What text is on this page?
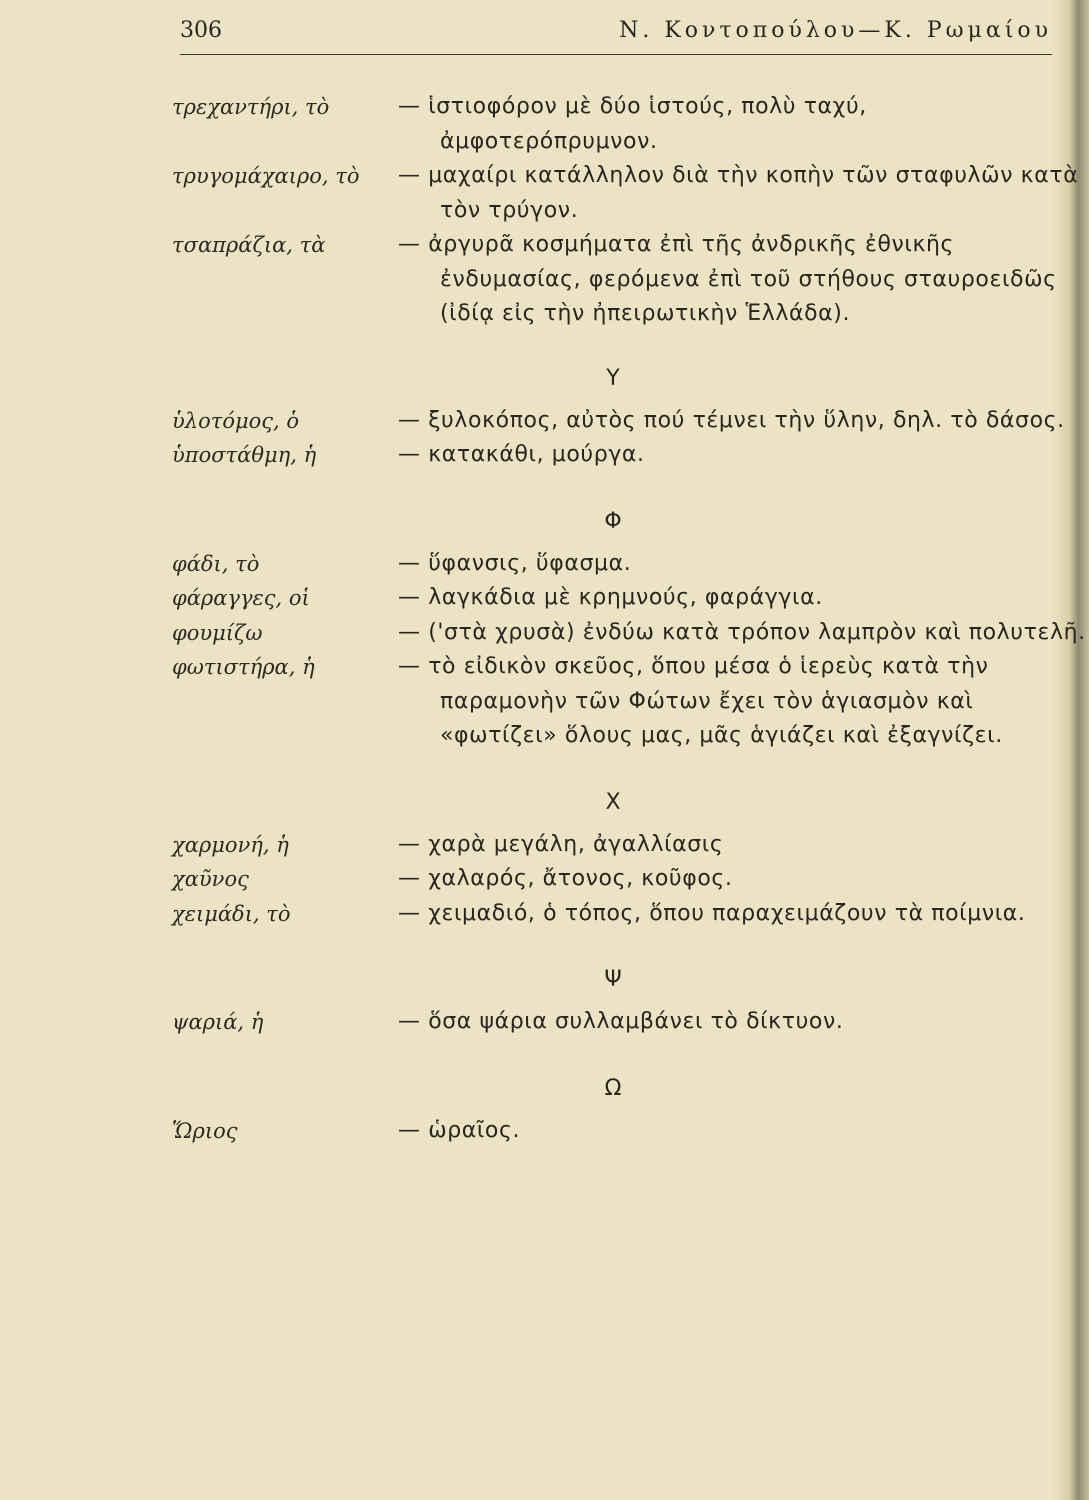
306	Ν. Κοντοπούλου—Κ. Ρωμαίου
τρεχαντήρι, τὸ	— ἱστιοφόρον μὲ δύο ἱστούς, πολὺ ταχύ, ἀμφοτερόπρυμνον.
τρυγομάχαιρο, τὸ	— μαχαίρι κατάλληλον διὰ τὴν κοπὴν τῶν σταφυλῶν κατὰ τὸν τρύγον.
τσαπράζια, τὰ	— ἀργυρᾶ κοσμήματα ἐπὶ τῆς ἀνδρικῆς ἐθνικῆς ἐνδυμασίας, φερόμενα ἐπὶ τοῦ στήθους σταυροειδῶς (ἰδίᾳ εἰς τὴν ἠπειρωτικὴν Ἑλλάδα).
Υ
ὑλοτόμος, ὁ	— ξυλοκόπος, αὐτὸς πού τέμνει τὴν ὕλην, δηλ. τὸ δάσος.
ὑποστάθμη, ἡ	— κατακάθι, μούργα.
Φ
φάδι, τὸ	— ὕφανσις, ὕφασμα.
φάραγγες, οἱ	— λαγκάδια μὲ κρημνούς, φαράγγια.
φουμίζω	— ('στὰ χρυσὰ) ἐνδύω κατὰ τρόπον λαμπρὸν καὶ πολυτελῆ.
φωτιστήρα, ἡ	— τὸ εἰδικὸν σκεῦος, ὅπου μέσα ὁ ἱερεὺς κατὰ τὴν παραμονὴν τῶν Φώτων ἔχει τὸν ἁγιασμὸν καὶ «φωτίζει» ὅλους μας, μᾶς ἁγιάζει καὶ ἐξαγνίζει.
Χ
χαρμονή, ἡ	— χαρὰ μεγάλη, ἀγαλλίασις
χαῦνος	— χαλαρός, ἄτονος, κοῦφος.
χειμάδι, τὸ	— χειμαδιό, ὁ τόπος, ὅπου παραχειμάζουν τὰ ποίμνια.
Ψ
ψαριά, ἡ	— ὅσα ψάρια συλλαμβάνει τὸ δίκτυον.
Ω
Ὥριος	— ὡραῖος.
